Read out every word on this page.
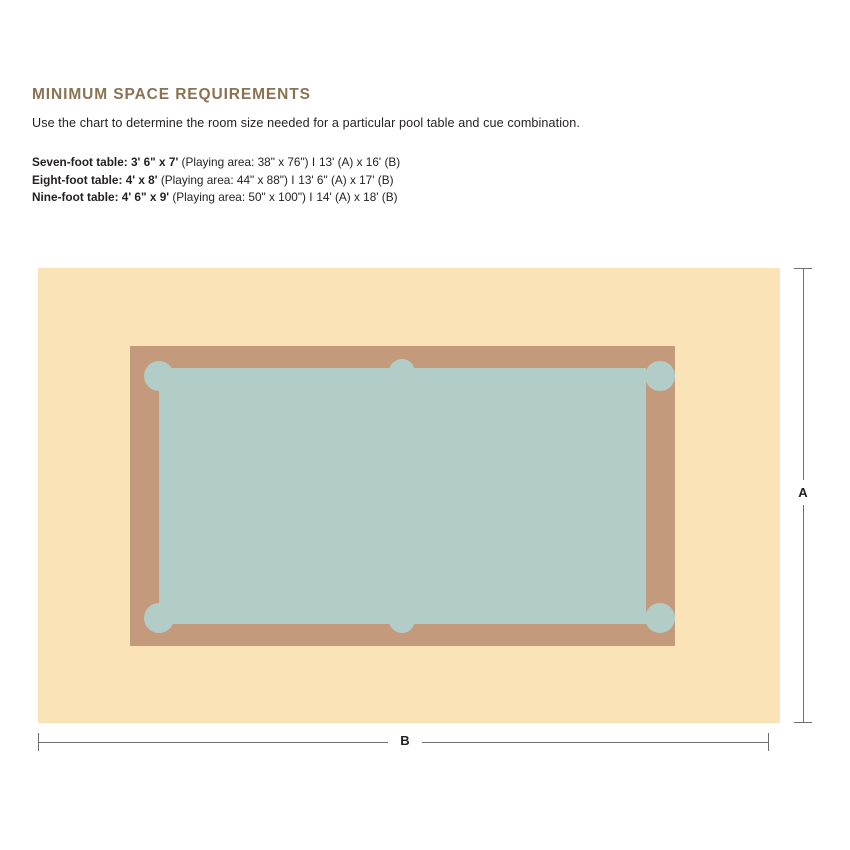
MINIMUM SPACE REQUIREMENTS
Use the chart to determine the room size needed for a particular pool table and cue combination.
Seven-foot table: 3' 6" x 7' (Playing area: 38" x 76") I 13' (A) x 16' (B)
Eight-foot table: 4' x 8' (Playing area: 44" x 88") I 13' 6" (A) x 17' (B)
Nine-foot table: 4' 6" x 9' (Playing area: 50" x 100") I 14' (A) x 18' (B)
A
B
